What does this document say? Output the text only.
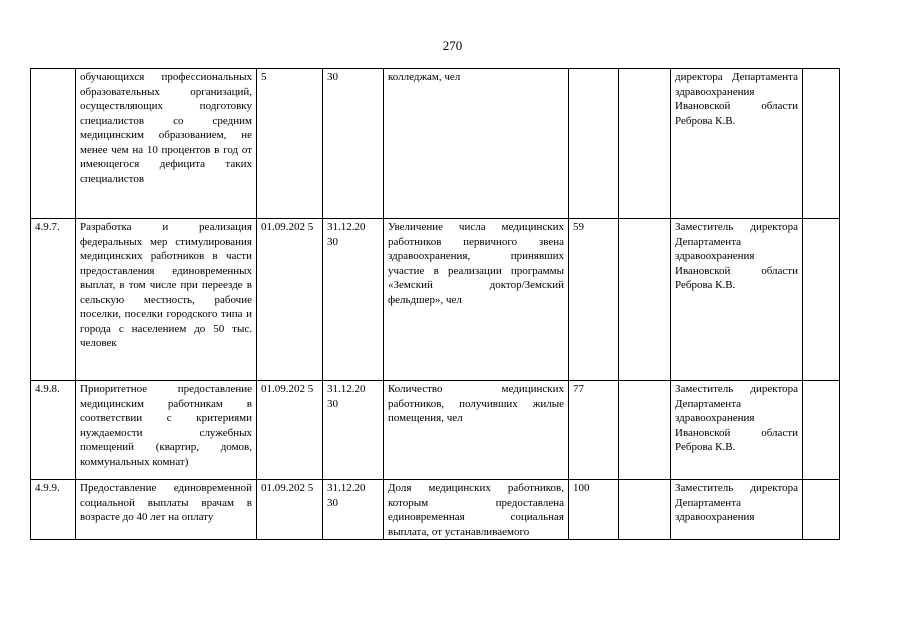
270
	обучающихся профессиональных образовательных организаций, осуществляющих подготовку специалистов со средним медицинским образованием, не менее чем на 10 процентов в год от имеющегося дефицита таких специалистов	5	30	колледжам, чел			директора Департамента здравоохранения Ивановской области Реброва К.В.	
4.9.7.	Разработка и реализация федеральных мер стимулирования медицинских работников в части предоставления единовременных выплат, в том числе при переезде в сельскую местность, рабочие поселки, поселки городского типа и города с населением до 50 тыс. человек	01.09.202 5	31.12.20 30	Увеличение числа медицинских работников первичного звена здравоохранения, принявших участие в реализации программы «Земский доктор/Земский фельдшер», чел	59		Заместитель директора Департамента здравоохранения Ивановской области Реброва К.В.	
4.9.8.	Приоритетное предоставление медицинским работникам в соответствии с критериями нуждаемости служебных помещений (квартир, домов, коммунальных комнат)	01.09.202 5	31.12.20 30	Количество медицинских работников, получивших жилые помещения, чел	77		Заместитель директора Департамента здравоохранения Ивановской области Реброва К.В.	
4.9.9.	Предоставление единовременной социальной выплаты врачам в возрасте до 40 лет на оплату	01.09.202 5	31.12.20 30	Доля медицинских работников, которым предоставлена единовременная социальная выплата, от устанавливаемого	100		Заместитель директора Департамента здравоохранения	
